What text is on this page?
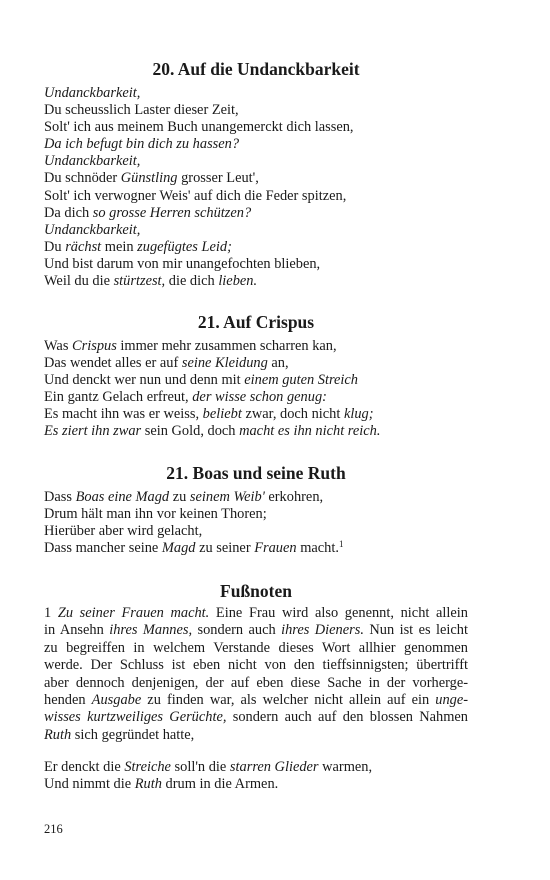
20. Auf die Undanckbarkeit
Undanckbarkeit,
Du scheusslich Laster dieser Zeit,
Solt' ich aus meinem Buch unangemerckt dich lassen,
Da ich befugt bin dich zu hassen?
Undanckbarkeit,
Du schnöder Günstling grosser Leut',
Solt' ich verwogner Weis' auf dich die Feder spitzen,
Da dich so grosse Herren schützen?
Undanckbarkeit,
Du rächst mein zugefügtes Leid;
Und bist darum von mir unangefochten blieben,
Weil du die stürtzest, die dich lieben.
21. Auf Crispus
Was Crispus immer mehr zusammen scharren kan,
Das wendet alles er auf seine Kleidung an,
Und denckt wer nun und denn mit einem guten Streich
Ein gantz Gelach erfreut, der wisse schon genug:
Es macht ihn was er weiss, beliebt zwar, doch nicht klug;
Es ziert ihn zwar sein Gold, doch macht es ihn nicht reich.
21. Boas und seine Ruth
Dass Boas eine Magd zu seinem Weib' erkohren,
Drum hält man ihn vor keinen Thoren;
Hierüber aber wird gelacht,
Dass mancher seine Magd zu seiner Frauen macht.$^1$
Fußnoten
1 Zu seiner Frauen macht. Eine Frau wird also genennt, nicht allein
in Ansehn ihres Mannes, sondern auch ihres Dieners. Nun ist es leicht
zu begreiffen in welchem Verstande dieses Wort allhier genommen
werde. Der Schluss ist eben nicht von den tieffsinnigsten; übertrifft
aber dennoch denjenigen, der auf eben diese Sache in der vorherge-
henden Ausgabe zu finden war, als welcher nicht allein auf ein unge-
wisses kurtzweiliges Gerüchte, sondern auch auf den blossen Nahmen
Ruth sich gegründet hatte,
Er denckt die Streiche soll'n die starren Glieder warmen,
Und nimmt die Ruth drum in die Armen.
216
